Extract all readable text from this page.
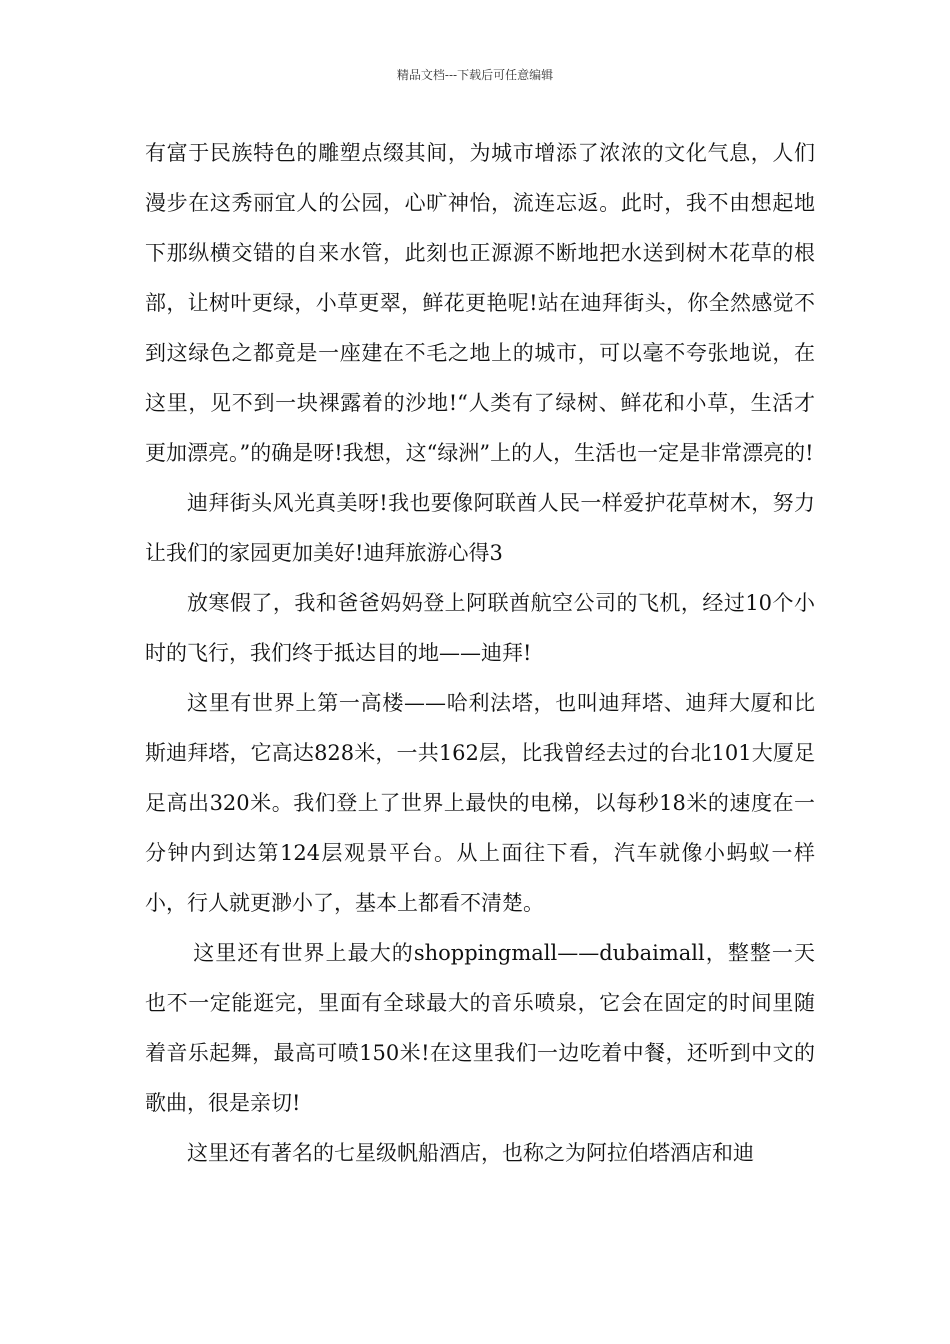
精品文档---下载后可任意编辑

有富于民族特色的雕塑点缀其间，为城市增添了浓浓的文化气息，人们漫步在这秀丽宜人的公园，心旷神怡，流连忘返。此时，我不由想起地下那纵横交错的自来水管，此刻也正源源不断地把水送到树木花草的根部，让树叶更绿，小草更翠，鲜花更艳呢!站在迪拜街头，你全然感觉不到这绿色之都竟是一座建在不毛之地上的城市，可以毫不夸张地说，在这里，见不到一块裸露着的沙地!“人类有了绿树、鲜花和小草，生活才更加漂亮。”的确是呀!我想，这“绿洲”上的人，生活也一定是非常漂亮的!

迪拜街头风光真美呀!我也要像阿联酋人民一样爱护花草树木，努力让我们的家园更加美好!迪拜旅游心得3

放寒假了，我和爸爸妈妈登上阿联酋航空公司的飞机，经过10个小时的飞行，我们终于抵达目的地——迪拜!

这里有世界上第一高楼——哈利法塔，也叫迪拜塔、迪拜大厦和比斯迪拜塔，它高达828米，一共162层，比我曾经去过的台北101大厦足足高出320米。我们登上了世界上最快的电梯，以每秒18米的速度在一分钟内到达第124层观景平台。从上面往下看，汽车就像小蚂蚁一样小，行人就更渺小了，基本上都看不清楚。

这里还有世界上最大的shoppingmall——dubaimall，整整一天也不一定能逛完，里面有全球最大的音乐喷泉，它会在固定的时间里随着音乐起舞，最高可喷150米!在这里我们一边吃着中餐，还听到中文的歌曲，很是亲切!

这里还有著名的七星级帆船酒店，也称之为阿拉伯塔酒店和迪
